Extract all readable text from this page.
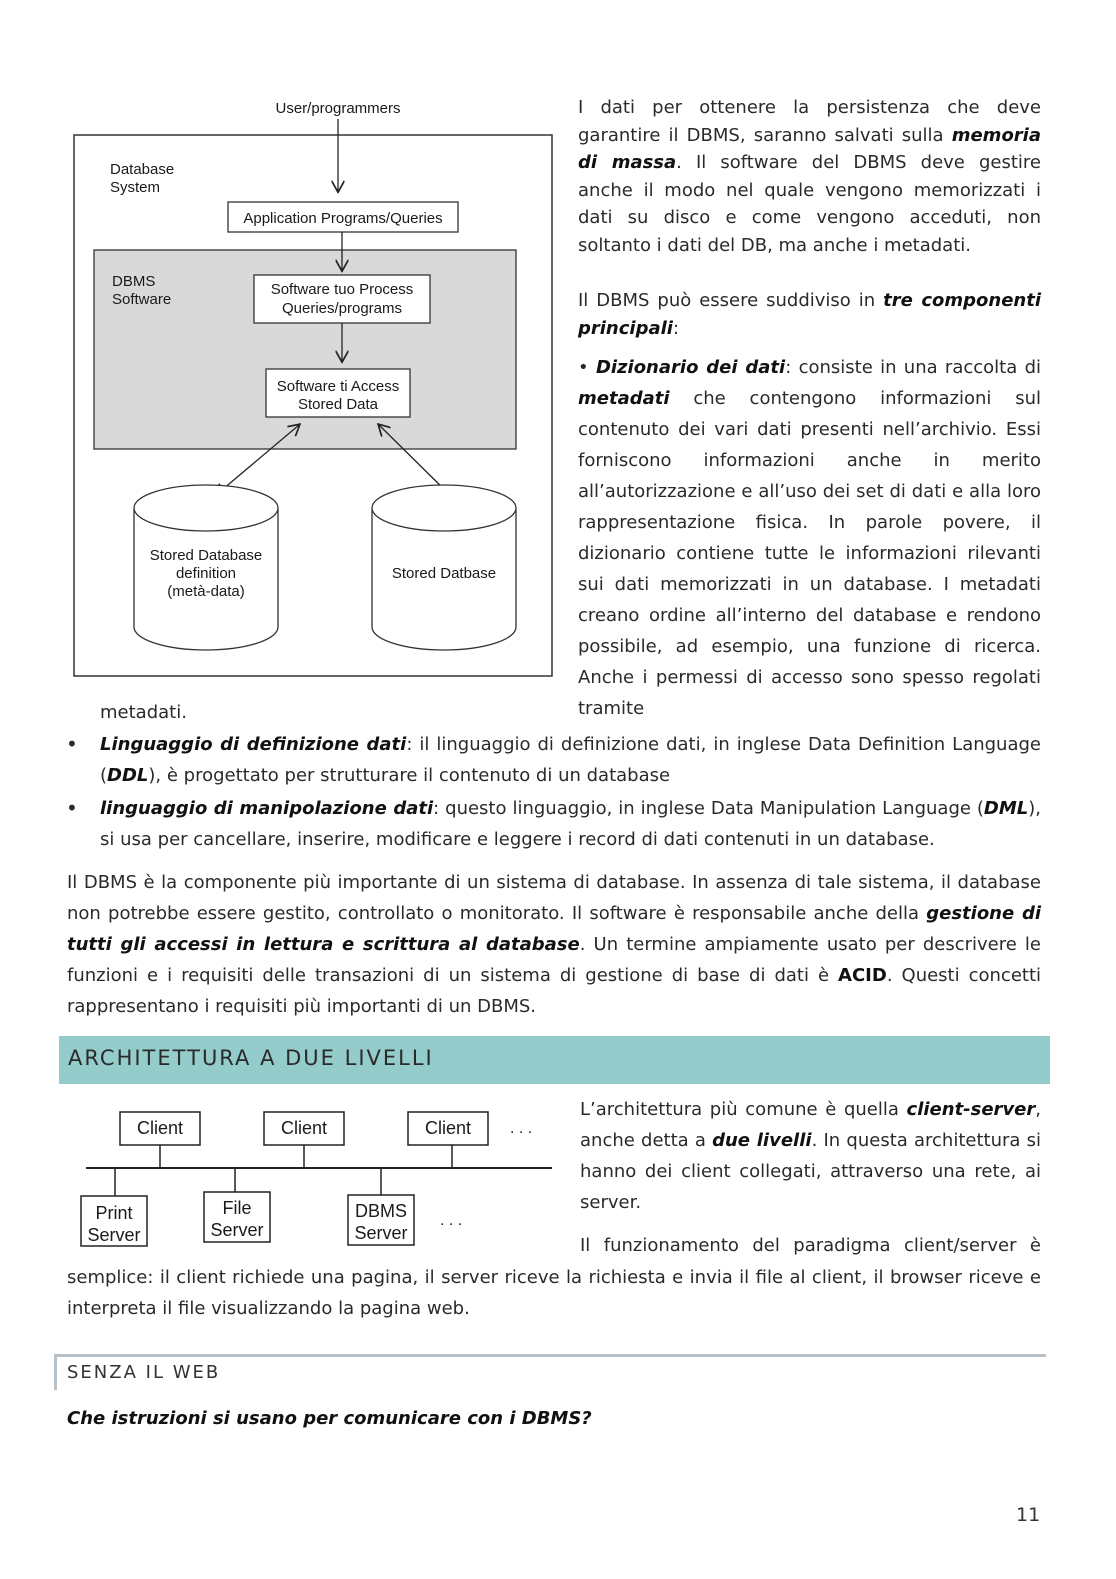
User/programmers
Database
System
Application Programs/Queries
DBMS
Software
Software tuo Process
Queries/programs
Software ti Access
Stored Data
Stored Database
definition
(metà-data)
Stored Datbase
I dati per ottenere la persistenza che deve garantire il DBMS, saranno salvati sulla memoria di massa. Il software del DBMS deve gestire anche il modo nel quale vengono memorizzati i dati su disco e come vengono acceduti, non soltanto i dati del DB, ma anche i metadati.
Il DBMS può essere suddiviso in tre componenti principali:
• Dizionario dei dati: consiste in una raccolta di metadati che contengono informazioni sul contenuto dei vari dati presenti nell’archivio. Essi forniscono informazioni anche in merito all’autorizzazione e all’uso dei set di dati e alla loro rappresentazione fisica. In parole povere, il dizionario contiene tutte le informazioni rilevanti sui dati memorizzati in un database. I metadati creano ordine all’interno del database e rendono possibile, ad esempio, una funzione di ricerca. Anche i permessi di accesso sono spesso regolati tramite
metadati.
• Linguaggio di definizione dati: il linguaggio di definizione dati, in inglese Data Definition Language (DDL), è progettato per strutturare il contenuto di un database
• linguaggio di manipolazione dati: questo linguaggio, in inglese Data Manipulation Language (DML), si usa per cancellare, inserire, modificare e leggere i record di dati contenuti in un database.
Il DBMS è la componente più importante di un sistema di database. In assenza di tale sistema, il database non potrebbe essere gestito, controllato o monitorato. Il software è responsabile anche della gestione di tutti gli accessi in lettura e scrittura al database. Un termine ampiamente usato per descrivere le funzioni e i requisiti delle transazioni di un sistema di gestione di base di dati è ACID. Questi concetti rappresentano i requisiti più importanti di un DBMS.
ARCHITETTURA A DUE LIVELLI
Client	Client	Client . . .
Print
Server
File
Server
DBMS
Server
. . .
L’architettura più comune è quella client-server, anche detta a due livelli. In questa architettura si hanno dei client collegati, attraverso una rete, ai server.
Il funzionamento del paradigma client/server è
semplice: il client richiede una pagina, il server riceve la richiesta e invia il file al client, il browser riceve e interpreta il file visualizzando la pagina web.
SENZA IL WEB
Che istruzioni si usano per comunicare con i DBMS?
11
